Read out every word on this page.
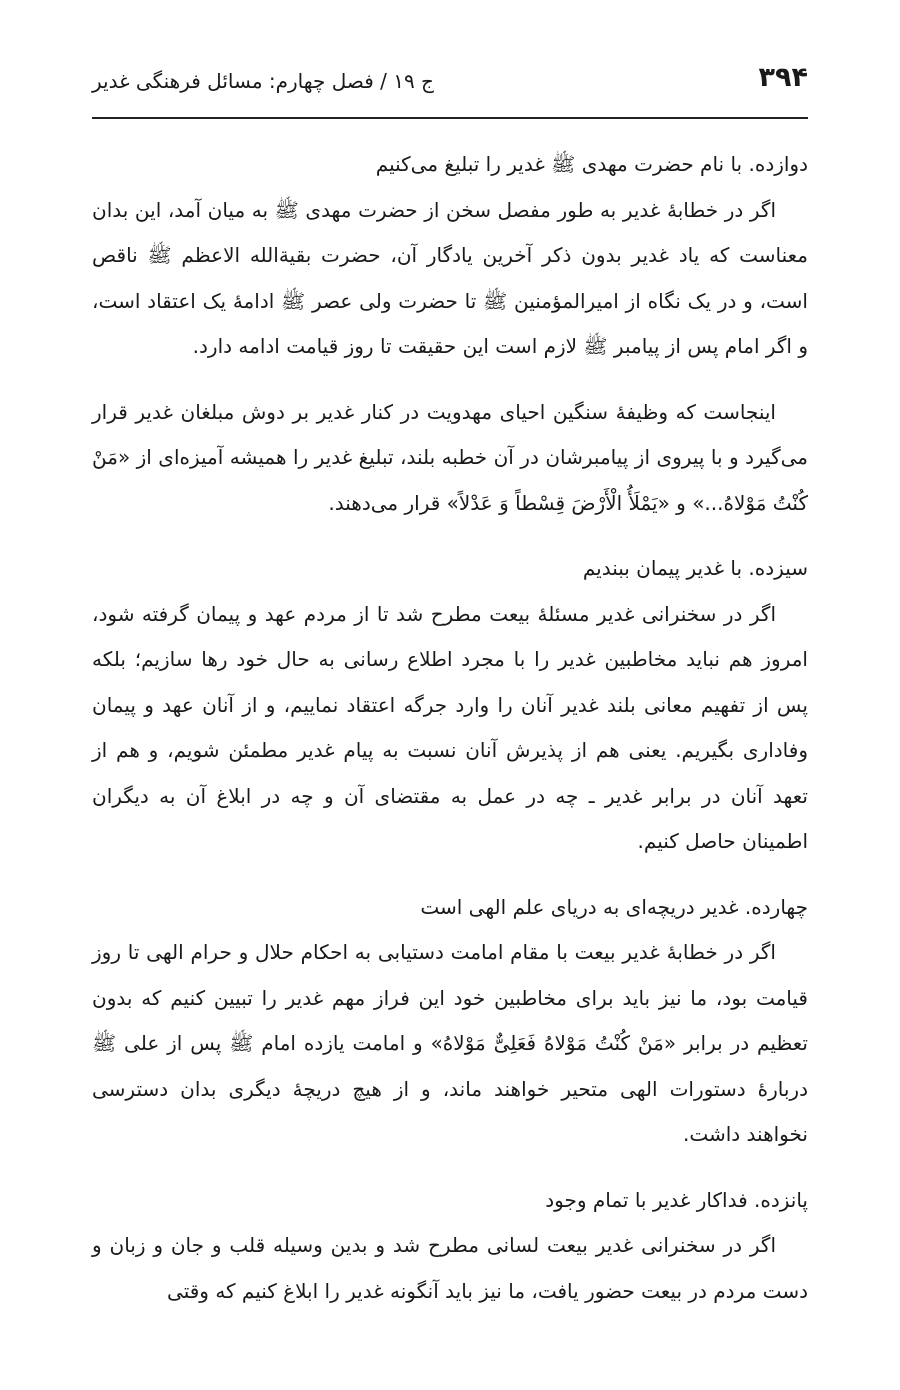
۳۹۴
ج ۱۹ / فصل چهارم: مسائل فرهنگی غدیر
دوازده. با نام حضرت مهدی ﷺ غدیر را تبلیغ می‌کنیم

اگر در خطابهٔ غدیر به طور مفصل سخن از حضرت مهدی ﷺ به میان آمد، این بدان معناست که یاد غدیر بدون ذکر آخرین یادگار آن، حضرت بقیةالله الاعظم ﷺ ناقص است، و در یک نگاه از امیرالمؤمنین ﷺ تا حضرت ولی عصر ﷺ ادامهٔ یک اعتقاد است، و اگر امام پس از پیامبر ﷺ لازم است این حقیقت تا روز قیامت ادامه دارد.

اینجاست که وظیفهٔ سنگین احیای مهدویت در کنار غدیر بر دوش مبلغان غدیر قرار می‌گیرد و با پیروی از پیامبرشان در آن خطبه بلند، تبلیغ غدیر را همیشه آمیزه‌ای از «مَنْ کُنْتُ مَوْلاهُ...» و «یَمْلَأُ الْأَرْضَ قِسْطاً وَ عَدْلاً» قرار می‌دهند.

سیزده. با غدیر پیمان ببندیم

اگر در سخنرانی غدیر مسئلهٔ بیعت مطرح شد تا از مردم عهد و پیمان گرفته شود، امروز هم نباید مخاطبین غدیر را با مجرد اطلاع رسانی به حال خود رها سازیم؛ بلکه پس از تفهیم معانی بلند غدیر آنان را وارد جرگه اعتقاد نماییم، و از آنان عهد و پیمان وفاداری بگیریم. یعنی هم از پذیرش آنان نسبت به پیام غدیر مطمئن شویم، و هم از تعهد آنان در برابر غدیر ـ چه در عمل به مقتضای آن و چه در ابلاغ آن به دیگران اطمینان حاصل کنیم.

چهارده. غدیر دریچه‌ای به دریای علم الهی است

اگر در خطابهٔ غدیر بیعت با مقام امامت دستیابی به احکام حلال و حرام الهی تا روز قیامت بود، ما نیز باید برای مخاطبین خود این فراز مهم غدیر را تبیین کنیم که بدون تعظیم در برابر «مَنْ کُنْتُ مَوْلاهُ فَعَلِیٌّ مَوْلاهُ» و امامت یازده امام ﷺ پس از علی ﷺ دربارهٔ دستورات الهی متحیر خواهند ماند، و از هیچ دریچهٔ دیگری بدان دسترسی نخواهند داشت.

پانزده. فداکار غدیر با تمام وجود

اگر در سخنرانی غدیر بیعت لسانی مطرح شد و بدین وسیله قلب و جان و زبان و دست مردم در بیعت حضور یافت، ما نیز باید آنگونه غدیر را ابلاغ کنیم که وقتی
